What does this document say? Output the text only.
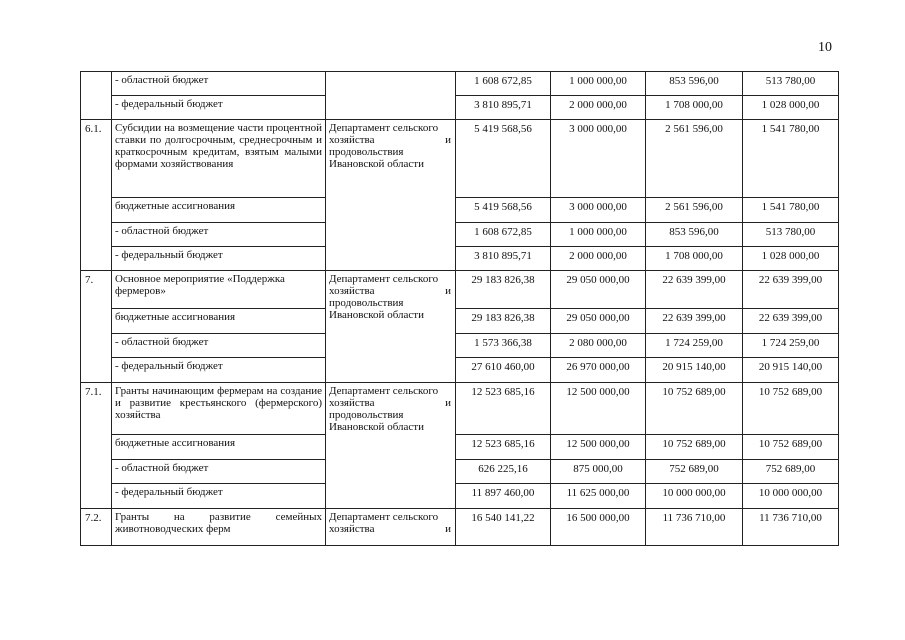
10
	- областной бюджет		1 608 672,85	1 000 000,00	853 596,00	513 780,00
	- федеральный бюджет		3 810 895,71	2 000 000,00	1 708 000,00	1 028 000,00
6.1.	Субсидии на возмещение части процентной ставки по долгосрочным, среднесрочным и краткосрочным кредитам, взятым малыми формами хозяйствования	Департамент сельского
хозяйства и
продовольствия
Ивановской области	5 419 568,56	3 000 000,00	2 561 596,00	1 541 780,00
	бюджетные ассигнования		5 419 568,56	3 000 000,00	2 561 596,00	1 541 780,00
	- областной бюджет		1 608 672,85	1 000 000,00	853 596,00	513 780,00
	- федеральный бюджет		3 810 895,71	2 000 000,00	1 708 000,00	1 028 000,00
7.	Основное мероприятие «Поддержка фермеров»	Департамент сельского
хозяйства и
продовольствия
Ивановской области	29 183 826,38	29 050 000,00	22 639 399,00	22 639 399,00
	бюджетные ассигнования		29 183 826,38	29 050 000,00	22 639 399,00	22 639 399,00
	- областной бюджет		1 573 366,38	2 080 000,00	1 724 259,00	1 724 259,00
	- федеральный бюджет		27 610 460,00	26 970 000,00	20 915 140,00	20 915 140,00
7.1.	Гранты начинающим фермерам на создание и развитие крестьянского (фермерского) хозяйства	Департамент сельского
хозяйства и
продовольствия
Ивановской области	12 523 685,16	12 500 000,00	10 752 689,00	10 752 689,00
	бюджетные ассигнования		12 523 685,16	12 500 000,00	10 752 689,00	10 752 689,00
	- областной бюджет		626 225,16	875 000,00	752 689,00	752 689,00
	- федеральный бюджет		11 897 460,00	11 625 000,00	10 000 000,00	10 000 000,00
7.2.	Гранты на развитие семейных животноводческих ферм	Департамент сельского
хозяйства и	16 540 141,22	16 500 000,00	11 736 710,00	11 736 710,00
